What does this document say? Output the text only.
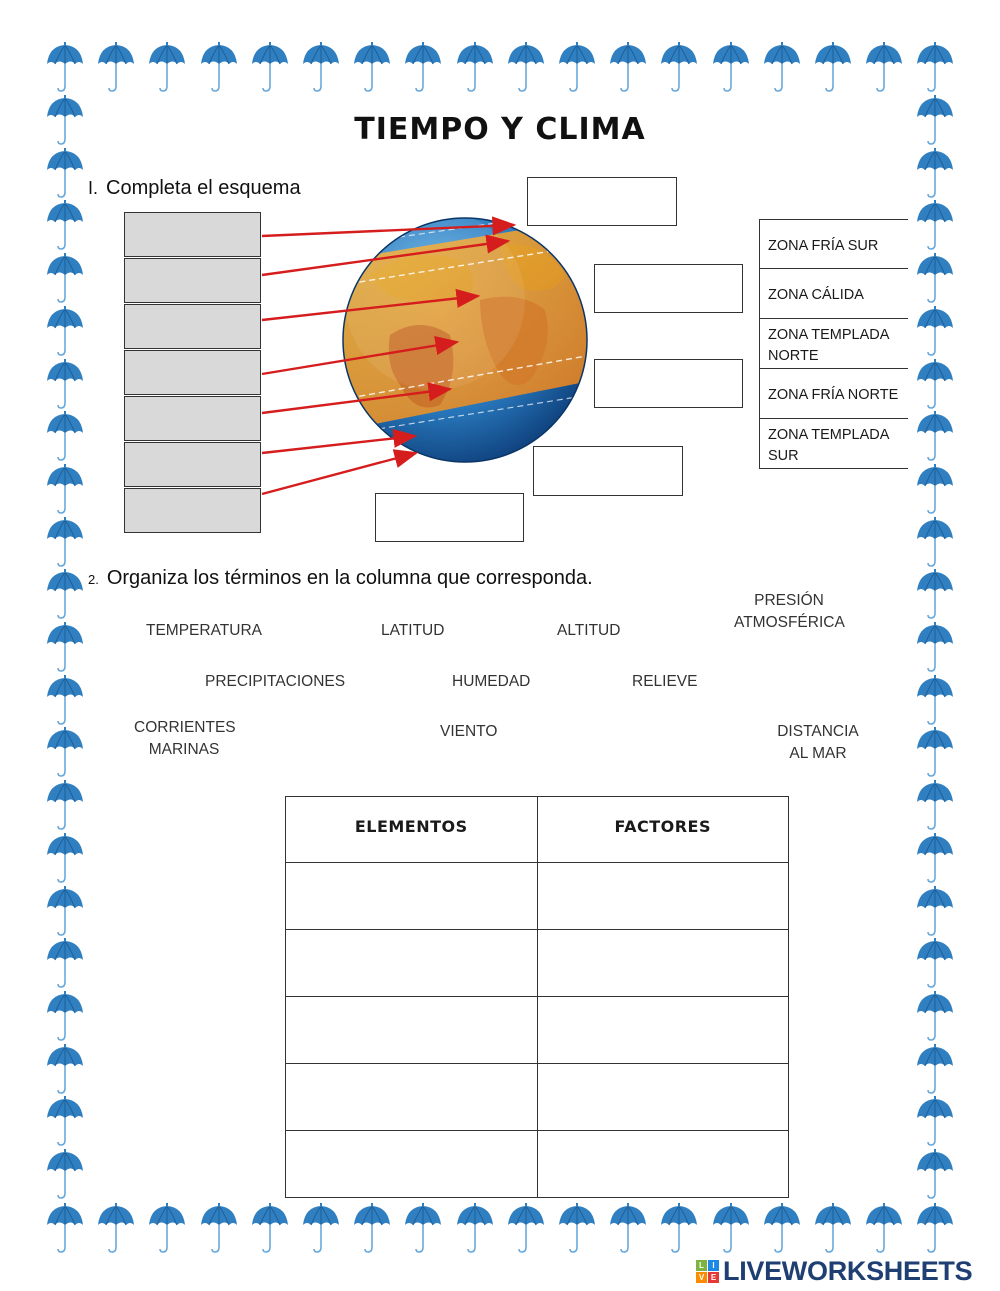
TIEMPO Y CLIMA
I. Completa el esquema
ZONA FRÍA SUR
ZONA CÁLIDA
ZONA TEMPLADA NORTE
ZONA FRÍA NORTE
ZONA TEMPLADA SUR
2. Organiza los términos en la columna que corresponda.
TEMPERATURA	LATITUD	ALTITUD
PRESIÓN
ATMOSFÉRICA
PRECIPITACIONES	HUMEDAD	RELIEVE
CORRIENTES
MARINAS
VIENTO	DISTANCIA
AL MAR
ELEMENTOS	FACTORES

L	I
V E LIVEWORKSHEETS
